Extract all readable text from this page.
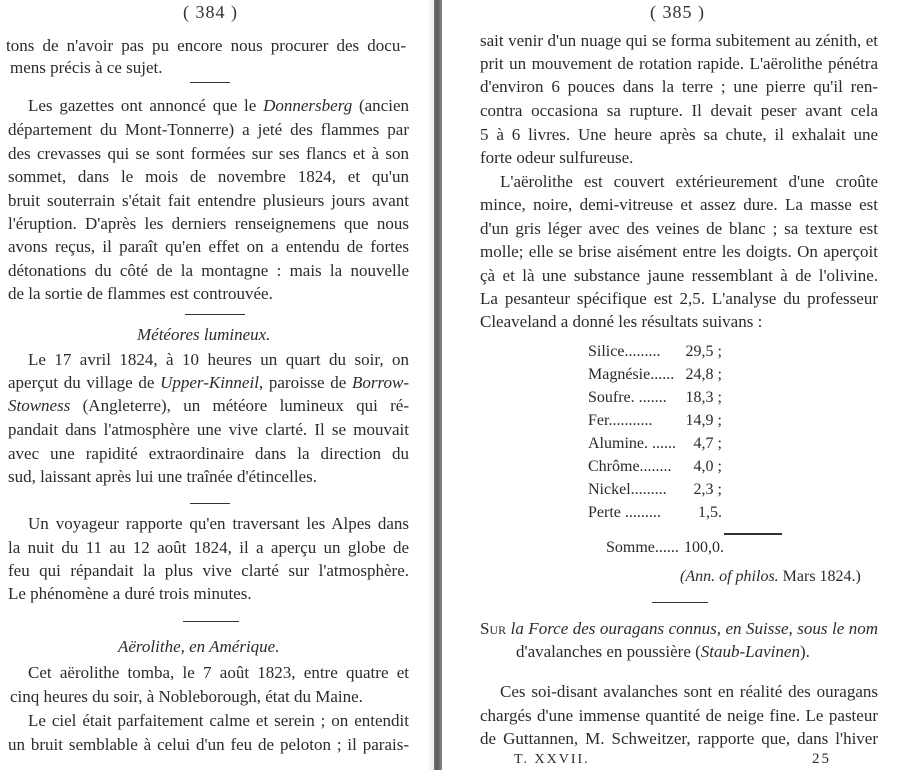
( 384 )
tons de n'avoir pas pu encore nous procurer des docu-
mens précis à ce sujet.
Les gazettes ont annoncé que le Donnersberg (ancien
département du Mont-Tonnerre) a jeté des flammes par
des crevasses qui se sont formées sur ses flancs et à son
sommet, dans le mois de novembre 1824, et qu'un
bruit souterrain s'était fait entendre plusieurs jours avant
l'éruption. D'après les derniers renseignemens que nous
avons reçus, il paraît qu'en effet on a entendu de fortes
détonations du côté de la montagne : mais la nouvelle
de la sortie de flammes est controuvée.
Météores lumineux.
Le 17 avril 1824, à 10 heures un quart du soir, on
aperçut du village de Upper-Kinneil, paroisse de Borrow-
Stowness (Angleterre), un météore lumineux qui ré-
pandait dans l'atmosphère une vive clarté. Il se mouvait
avec une rapidité extraordinaire dans la direction du
sud, laissant après lui une traînée d'étincelles.
Un voyageur rapporte qu'en traversant les Alpes dans
la nuit du 11 au 12 août 1824, il a aperçu un globe de
feu qui répandait la plus vive clarté sur l'atmosphère.
Le phénomène a duré trois minutes.
Aërolithe, en Amérique.
Cet aërolithe tomba, le 7 août 1823, entre quatre et
cinq heures du soir, à Nobleborough, état du Maine.
Le ciel était parfaitement calme et serein ; on entendit
un bruit semblable à celui d'un feu de peloton ; il parais-
( 385 )
sait venir d'un nuage qui se forma subitement au zénith, et
prit un mouvement de rotation rapide. L'aërolithe pénétra
d'environ 6 pouces dans la terre ; une pierre qu'il ren-
contra occasiona sa rupture. Il devait peser avant cela
5 à 6 livres. Une heure après sa chute, il exhalait une
forte odeur sulfureuse.
L'aërolithe est couvert extérieurement d'une croûte
mince, noire, demi-vitreuse et assez dure. La masse est
d'un gris léger avec des veines de blanc ; sa texture est
molle; elle se brise aisément entre les doigts. On aperçoit
çà et là une substance jaune ressemblant à de l'olivine.
La pesanteur spécifique est 2,5. L'analyse du professeur
Cleaveland a donné les résultats suivans :
Silice.........	29,5 ;
Magnésie...... 24,8 ;
Soufre. .......	18,3 ;
Fer...........	14,9 ;
Alumine. ......	4,7 ;
Chrôme........	4,0 ;
Nickel.........	2,3 ;
Perte .........	1,5.
Somme...... 100,0.
(Ann. of philos. Mars 1824.)
Sur la Force des ouragans connus, en Suisse, sous le nom
d'avalanches en poussière (Staub-Lavinen).
Ces soi-disant avalanches sont en réalité des ouragans
chargés d'une immense quantité de neige fine. Le pasteur
de Guttannen, M. Schweitzer, rapporte que, dans l'hiver
T. XXVII.	25
